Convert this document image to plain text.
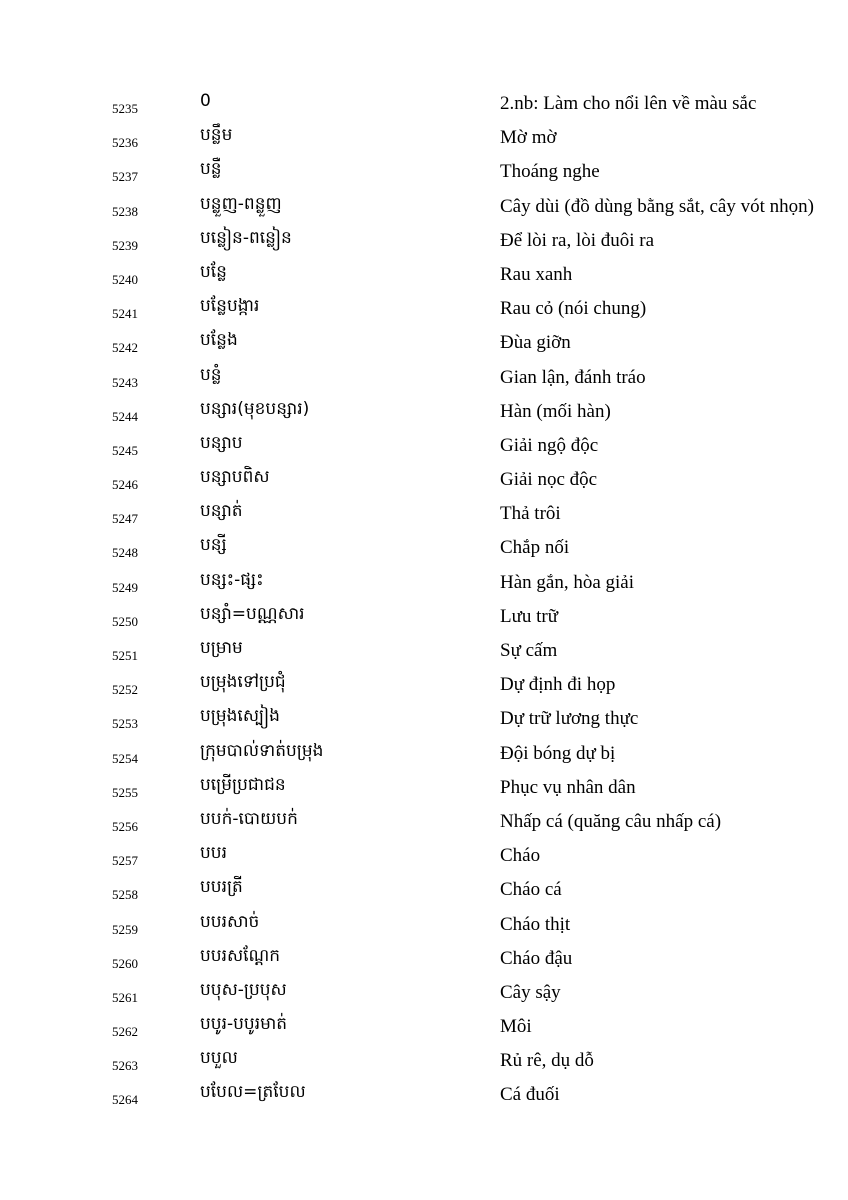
5235	0	2.nb: Làm cho nổi lên về màu sắc
5236	បន្លឹម	Mờ mờ
5237	បន្លឺ	Thoáng nghe
5238	បន្លួញ-ពន្លួញ	Cây dùi (đồ dùng bằng sắt, cây vót nhọn)
5239	បន្លៀន-ពន្លៀន	Để lòi ra, lòi đuôi ra
5240	បន្លែ	Rau xanh
5241	បន្លែបង្ការ	Rau cỏ (nói chung)
5242	បន្លែង	Đùa giỡn
5243	បន្លំ	Gian lận, đánh tráo
5244	បន្សារ(មុខបន្សារ)	Hàn (mối hàn)
5245	បន្សាប	Giải ngộ độc
5246	បន្សាបពិស	Giải nọc độc
5247	បន្សាត់	Thả trôi
5248	បន្សី	Chắp nối
5249	បន្សះ-ផ្សះ	Hàn gắn, hòa giải
5250	បន្សាំ=បណ្ណសារ	Lưu trữ
5251	បម្រាម	Sự cấm
5252	បម្រុងទៅប្រជុំ	Dự định đi họp
5253	បម្រុងស្បៀង	Dự trữ lương thực
5254	ក្រុមបាល់ទាត់បម្រុង	Đội bóng dự bị
5255	បម្រើប្រជាជន	Phục vụ nhân dân
5256	បបក់-បោយបក់	Nhấp cá (quăng câu nhấp cá)
5257	បបរ	Cháo
5258	បបរត្រី	Cháo cá
5259	បបរសាច់	Cháo thịt
5260	បបរសណ្តែក	Cháo đậu
5261	បបុស-ប្របុស	Cây sậy
5262	បបូរ-បបូរមាត់	Môi
5263	បបួល	Rủ rê, dụ dỗ
5264	បបែល=ត្របែល	Cá đuối
